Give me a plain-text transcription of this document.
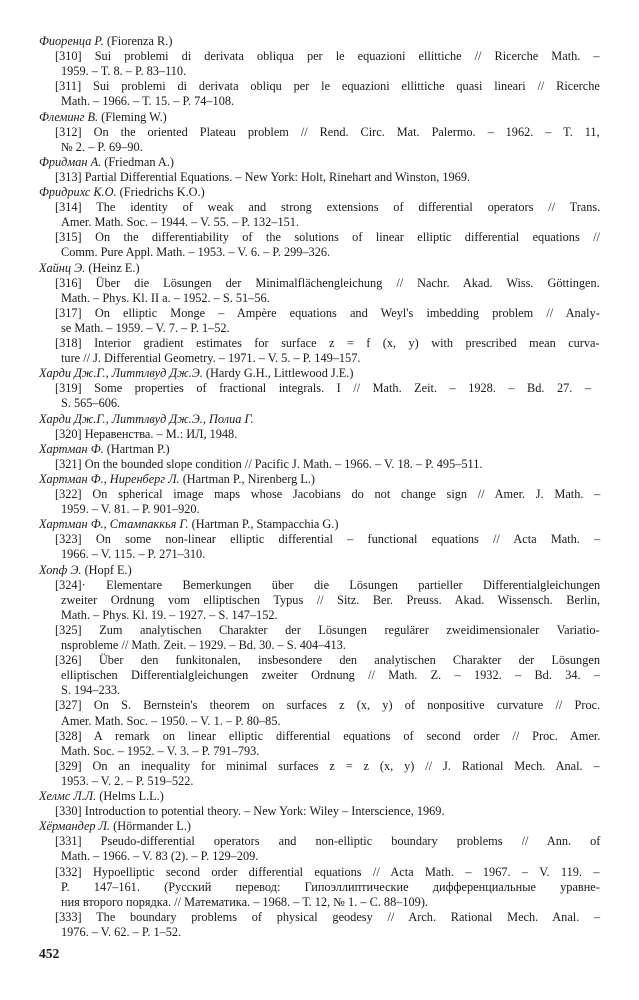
Фиоренца Р. (Fiorenza R.)
[310] Sui problemi di derivata obliqua per le equazioni ellittiche // Ricerche Math. –
1959. – T. 8. – P. 83–110.
[311] Sui problemi di derivata obliqu per le equazioni ellittiche quasi lineari // Ricerche
Math. – 1966. – T. 15. – P. 74–108.
Флеминг В. (Fleming W.)
[312] On the oriented Plateau problem // Rend. Circ. Mat. Palermo. – 1962. – T. 11,
№ 2. – P. 69–90.
Фридман А. (Friedman A.)
[313] Partial Differential Equations. – New York: Holt, Rinehart and Winston, 1969.
Фридрихс К.О. (Friedrichs K.O.)
[314] The identity of weak and strong extensions of differential operators // Trans.
Amer. Math. Soc. – 1944. – V. 55. – P. 132–151.
[315] On the differentiability of the solutions of linear elliptic differential equations //
Comm. Pure Appl. Math. – 1953. – V. 6. – P. 299–326.
Хайнц Э. (Heinz E.)
[316] Über die Lösungen der Minimalflächengleichung // Nachr. Akad. Wiss. Göttingen.
Math. – Phys. Kl. II a. – 1952. – S. 51–56.
[317] On elliptic Monge – Ampère equations and Weyl's imbedding problem // Analy-
se Math. – 1959. – V. 7. – P. 1–52.
[318] Interior gradient estimates for surface z = f (x, y) with prescribed mean curva-
ture // J. Differential Geometry. – 1971. – V. 5. – P. 149–157.
Харди Дж.Г., Литтлвуд Дж.Э. (Hardy G.H., Littlewood J.E.)
[319] Some properties of fractional integrals. I // Math. Zeit. – 1928. – Bd. 27. –
S. 565–606.
Харди Дж.Г., Литтлвуд Дж.Э., Полиа Г.
[320] Неравенства. – М.: ИЛ, 1948.
Хартман Ф. (Hartman P.)
[321] On the bounded slope condition // Pacific J. Math. – 1966. – V. 18. – P. 495–511.
Хартман Ф., Ниренберг Л. (Hartman P., Nirenberg L.)
[322] On spherical image maps whose Jacobians do not change sign // Amer. J. Math. –
1959. – V. 81. – P. 901–920.
Хартман Ф., Стампаккья Г. (Hartman P., Stampacchia G.)
[323] On some non-linear elliptic differential – functional equations // Acta Math. –
1966. – V. 115. – P. 271–310.
Хопф Э. (Hopf E.)
[324]· Elementare Bemerkungen über die Lösungen partieller Differentialgleichungen
zweiter Ordnung vom elliptischen Typus // Sitz. Ber. Preuss. Akad. Wissensch. Berlin,
Math. – Phys. Kl. 19. – 1927. – S. 147–152.
[325] Zum analytischen Charakter der Lösungen regulärer zweidimensionaler Variatio-
nsprobleme // Math. Zeit. – 1929. – Bd. 30. – S. 404–413.
[326] Über den funkitonalen, insbesondere den analytischen Charakter der Lösungen
elliptischen Differentialgleichungen zweiter Ordnung // Math. Z. – 1932. – Bd. 34. –
S. 194–233.
[327] On S. Bernstein's theorem on surfaces z (x, y) of nonpositive curvature // Proc.
Amer. Math. Soc. – 1950. – V. 1. – P. 80–85.
[328] A remark on linear elliptic differential equations of second order // Proc. Amer.
Math. Soc. – 1952. – V. 3. – P. 791–793.
[329] On an inequality for minimal surfaces z = z (x, y) // J. Rational Mech. Anal. –
1953. – V. 2. – P. 519–522.
Хелмс Л.Л. (Helms L.L.)
[330] Introduction to potential theory. – New York: Wiley – Interscience, 1969.
Хёрмандер Л. (Hörmander L.)
[331] Pseudo-differential operators and non-elliptic boundary problems // Ann. of
Math. – 1966. – V. 83 (2). – P. 129–209.
[332] Hypoelliptic second order differential equations // Acta Math. – 1967. – V. 119. –
P. 147–161. (Русский перевод: Гипоэллиптические дифференциальные уравне-
ния второго порядка. // Математика. – 1968. – Т. 12, № 1. – С. 88–109).
[333] The boundary problems of physical geodesy // Arch. Rational Mech. Anal. –
1976. – V. 62. – P. 1–52.
452
